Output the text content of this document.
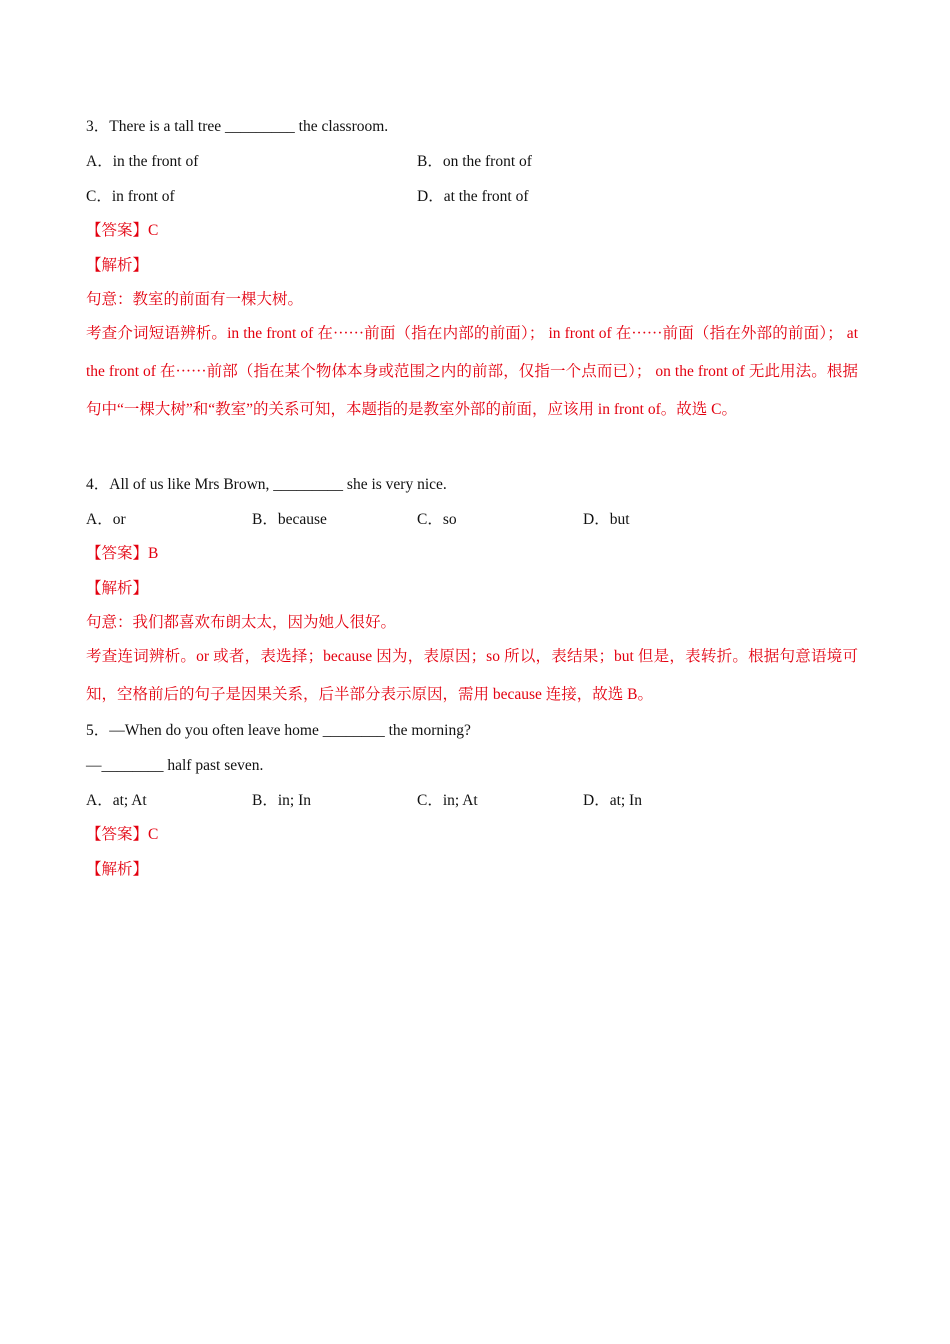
3．There is a tall tree _________ the classroom.
A．in the front of	B．on the front of
C．in front of	D．at the front of
【答案】C
【解析】
句意：教室的前面有一棵大树。
考查介词短语辨析。in the front of 在······前面（指在内部的前面）； in front of 在······前面（指在外部的前面）； at the front of 在······前部（指在某个物体本身或范围之内的前部，仅指一个点而已）； on the front of 无此用法。根据句中“一棵大树”和“教室”的关系可知，本题指的是教室外部的前面，应该用 in front of。故选 C。
4．All of us like Mrs Brown, _________ she is very nice.
A．or	B．because	C．so	D．but
【答案】B
【解析】
句意：我们都喜欢布朗太太，因为她人很好。
考查连词辨析。or 或者，表选择；because 因为，表原因；so 所以，表结果；but 但是，表转折。根据句意语境可知，空格前后的句子是因果关系，后半部分表示原因，需用 because 连接，故选 B。
5．—When do you often leave home ________ the morning?
—________ half past seven.
A．at; At	B．in; In	C．in; At	D．at; In
【答案】C
【解析】
